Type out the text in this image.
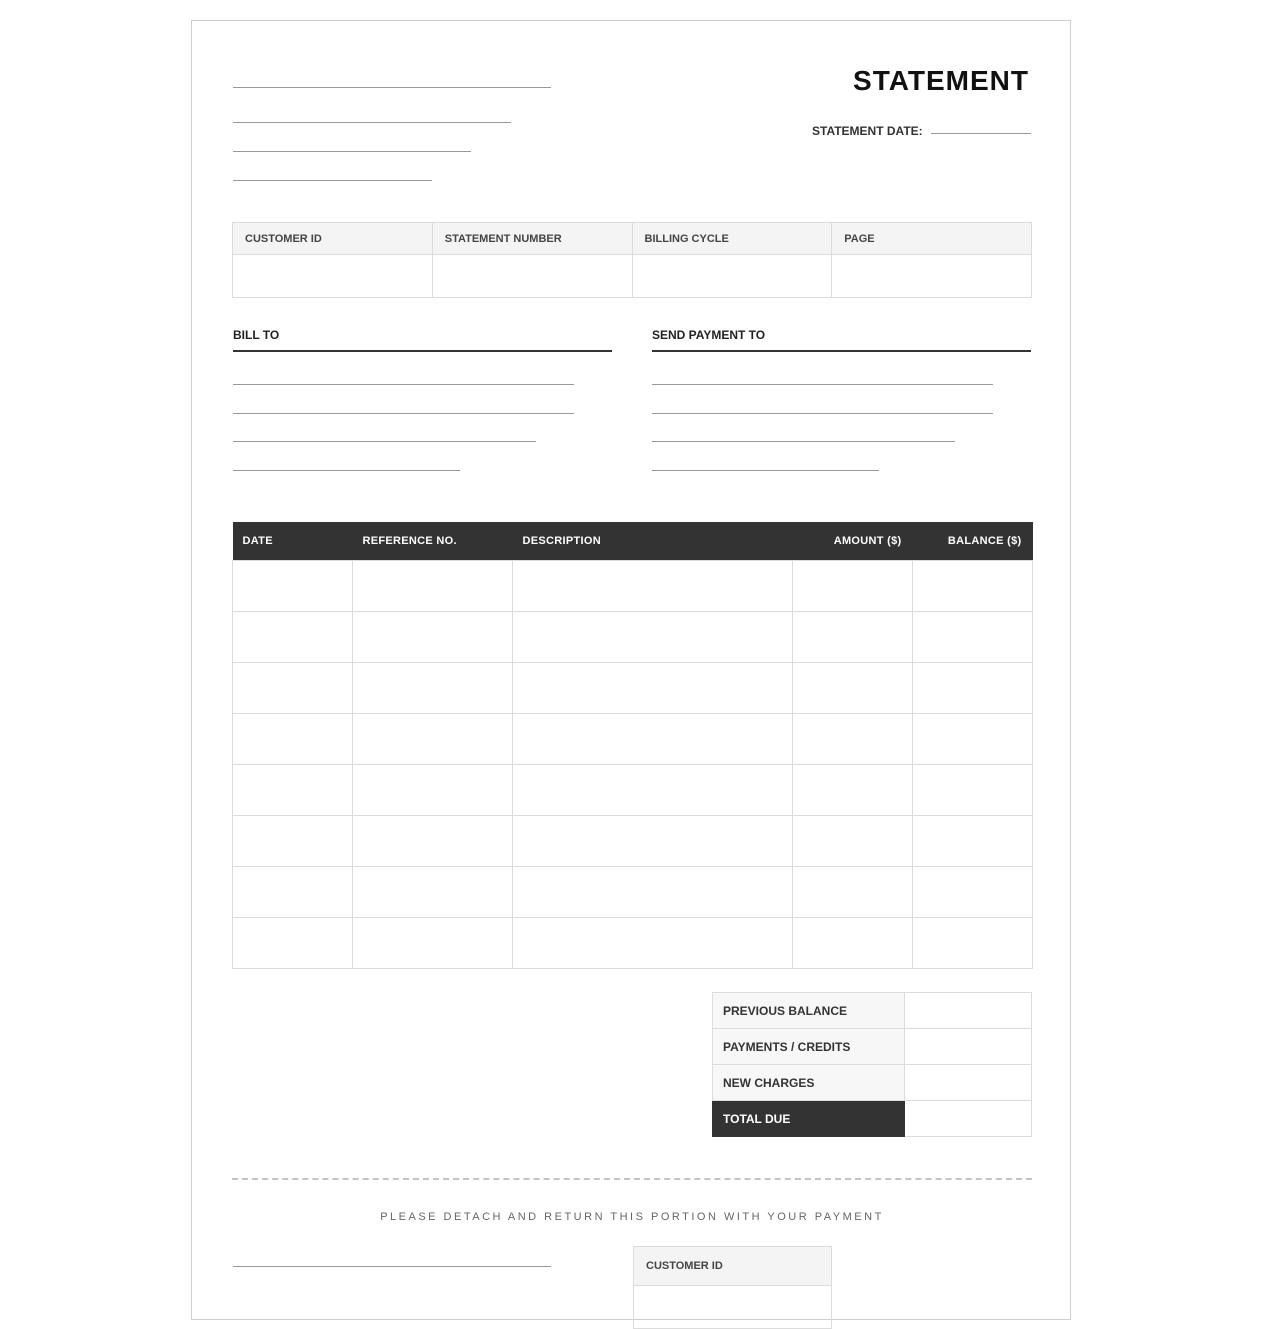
STATEMENT
STATEMENT DATE:
CUSTOMER ID	STATEMENT NUMBER	BILLING CYCLE	PAGE

BILL TO	SEND PAYMENT TO
DATE	REFERENCE NO.	DESCRIPTION	AMOUNT ($)	BALANCE ($)

PREVIOUS BALANCE	
PAYMENTS / CREDITS	
NEW CHARGES	
TOTAL DUE	
PLEASE DETACH AND RETURN THIS PORTION WITH YOUR PAYMENT
CUSTOMER ID
